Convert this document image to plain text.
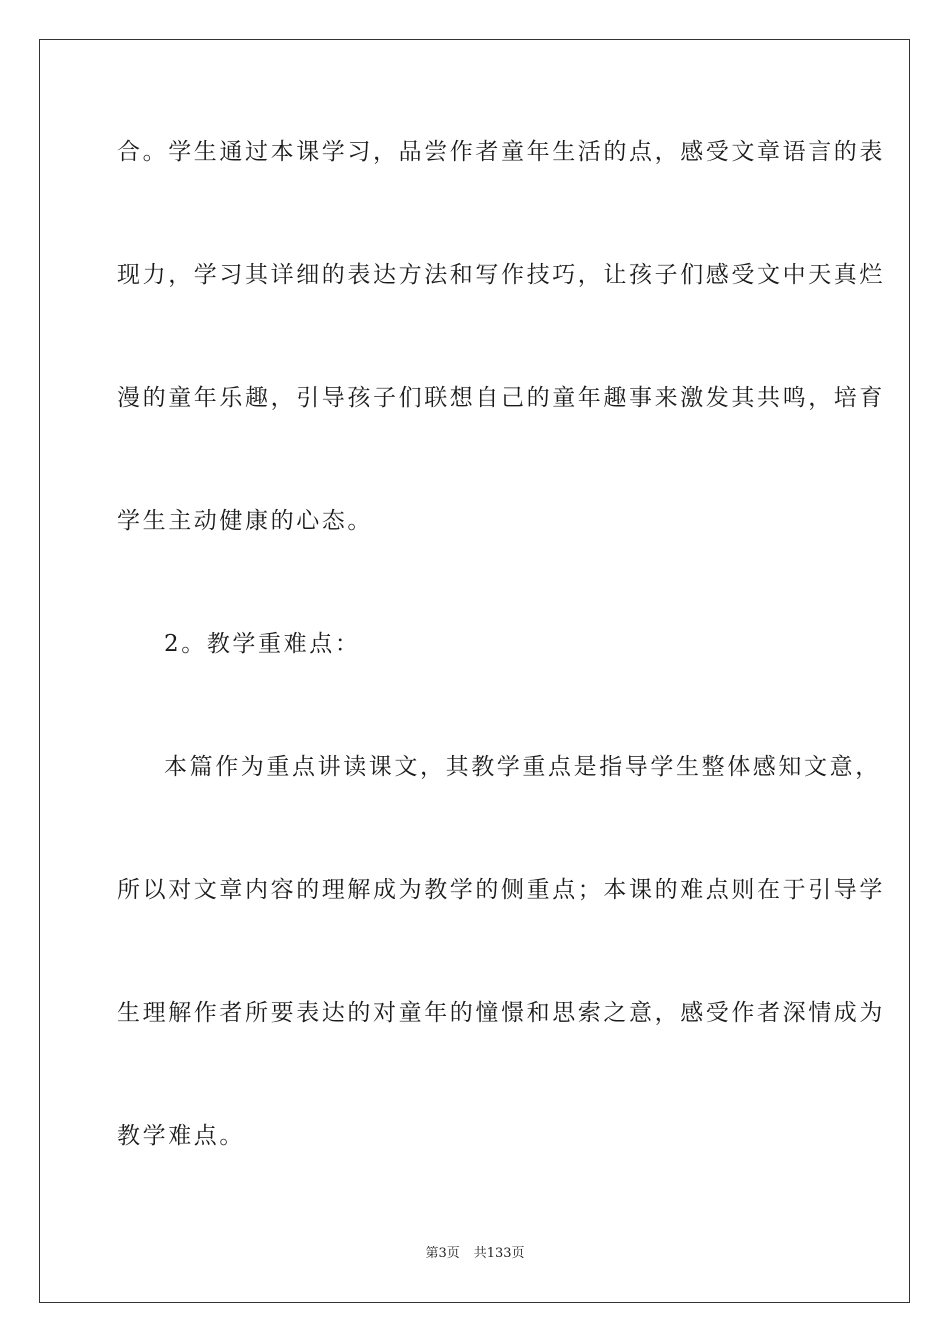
合。学生通过本课学习，品尝作者童年生活的点，感受文章语言的表
现力，学习其详细的表达方法和写作技巧，让孩子们感受文中天真烂
漫的童年乐趣，引导孩子们联想自己的童年趣事来激发其共鸣，培育
学生主动健康的心态。
2。教学重难点：
本篇作为重点讲读课文，其教学重点是指导学生整体感知文意，
所以对文章内容的理解成为教学的侧重点；本课的难点则在于引导学
生理解作者所要表达的对童年的憧憬和思索之意，感受作者深情成为
教学难点。
第3页 共133页
